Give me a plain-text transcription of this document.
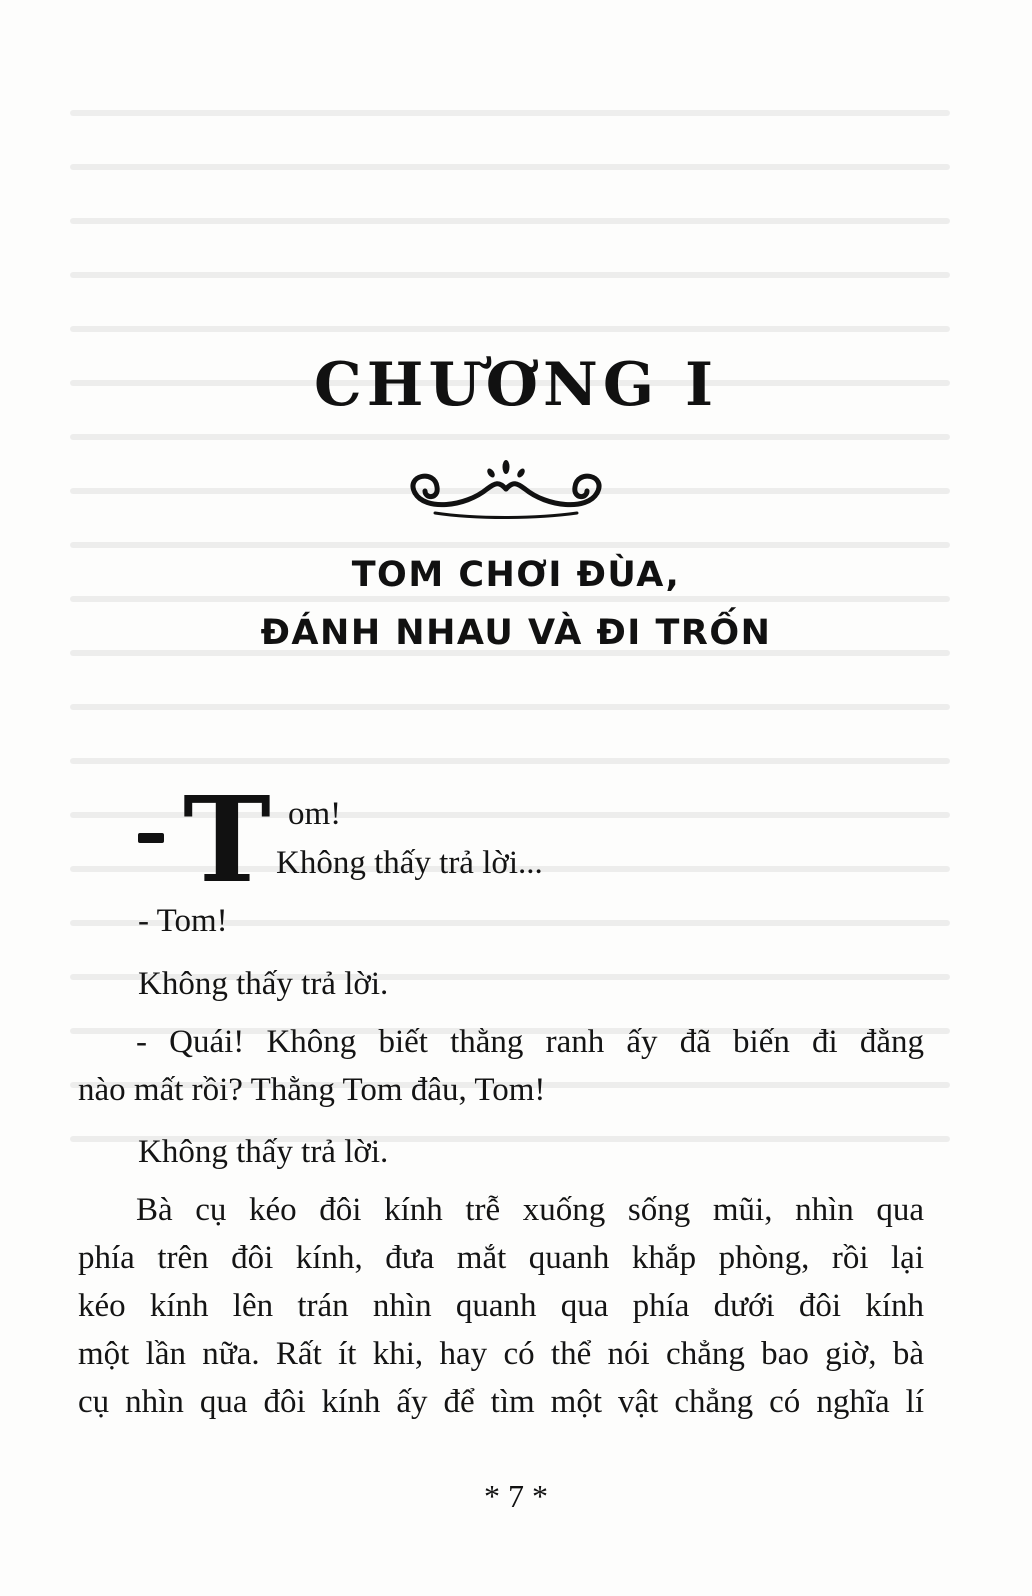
CHƯƠNG I
TOM CHƠI ĐÙA,
ĐÁNH NHAU VÀ ĐI TRỐN
T om!
Không thấy trả lời...
- Tom!
Không thấy trả lời.
- Quái! Không biết thằng ranh ấy đã biến đi đằng
nào mất rồi? Thằng Tom đâu, Tom!
Không thấy trả lời.
Bà cụ kéo đôi kính trễ xuống sống mũi, nhìn qua
phía trên đôi kính, đưa mắt quanh khắp phòng, rồi lại
kéo kính lên trán nhìn quanh qua phía dưới đôi kính
một lần nữa. Rất ít khi, hay có thể nói chẳng bao giờ, bà
cụ nhìn qua đôi kính ấy để tìm một vật chẳng có nghĩa lí
* 7 *
